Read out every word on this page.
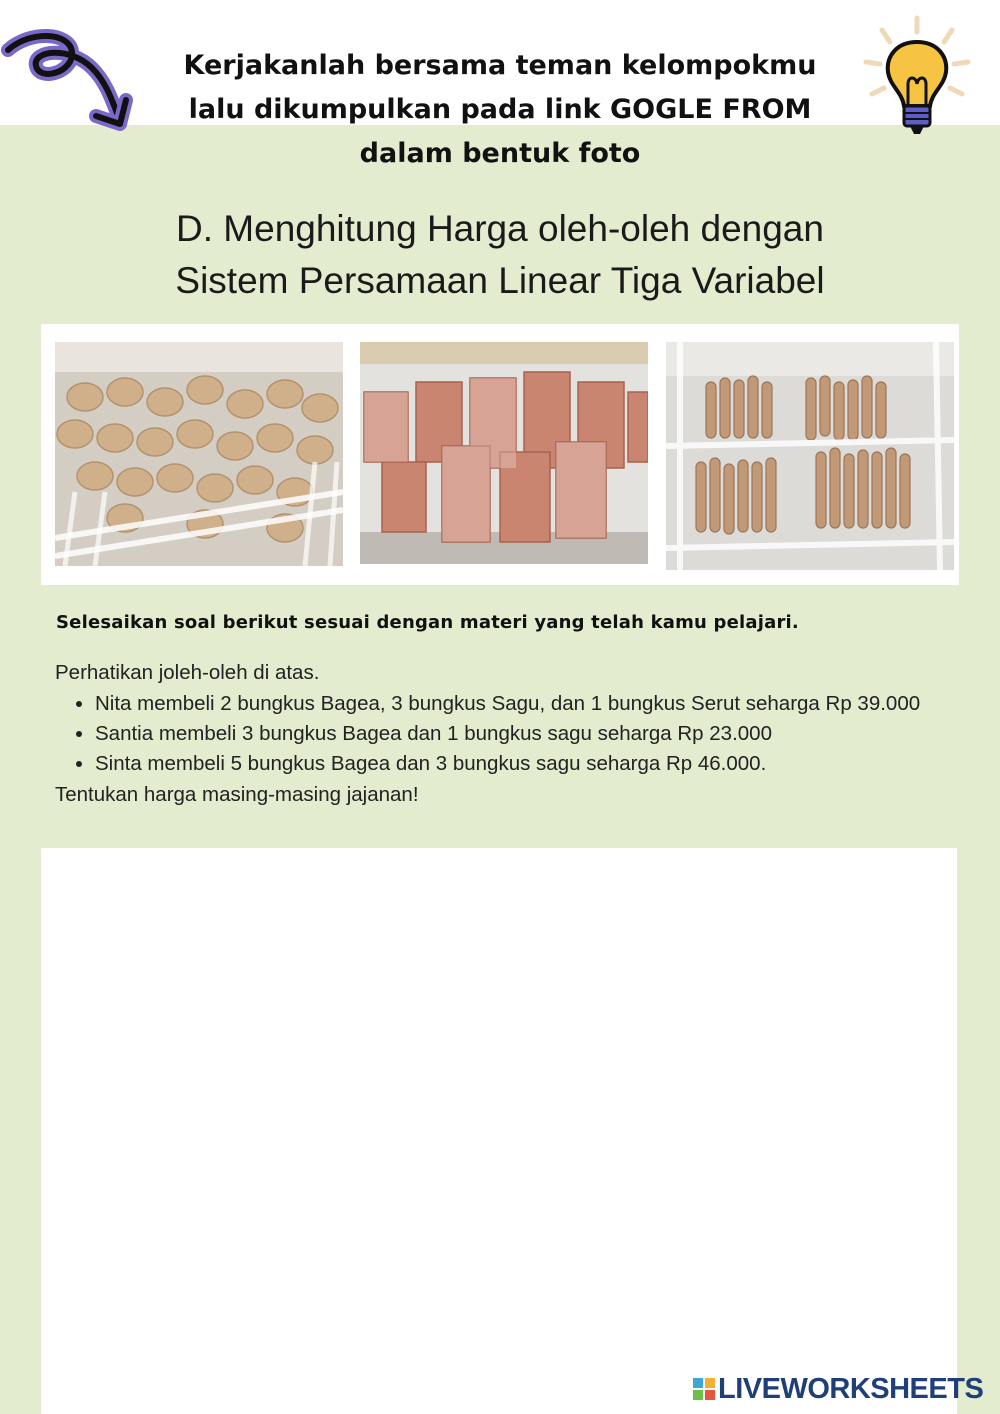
Kerjakanlah bersama teman kelompokmu
lalu dikumpulkan pada link GOGLE FROM
dalam bentuk foto
D. Menghitung Harga oleh-oleh dengan
Sistem Persamaan Linear Tiga Variabel
Selesaikan soal berikut sesuai dengan materi yang telah kamu pelajari.
Perhatikan joleh-oleh di atas.
• Nita membeli 2 bungkus Bagea, 3 bungkus Sagu, dan 1 bungkus Serut seharga Rp 39.000
• Santia membeli 3 bungkus Bagea dan 1 bungkus sagu seharga Rp 23.000
• Sinta membeli 5 bungkus Bagea dan 3 bungkus sagu seharga Rp 46.000.
Tentukan harga masing-masing jajanan!
LIVEWORKSHEETS
